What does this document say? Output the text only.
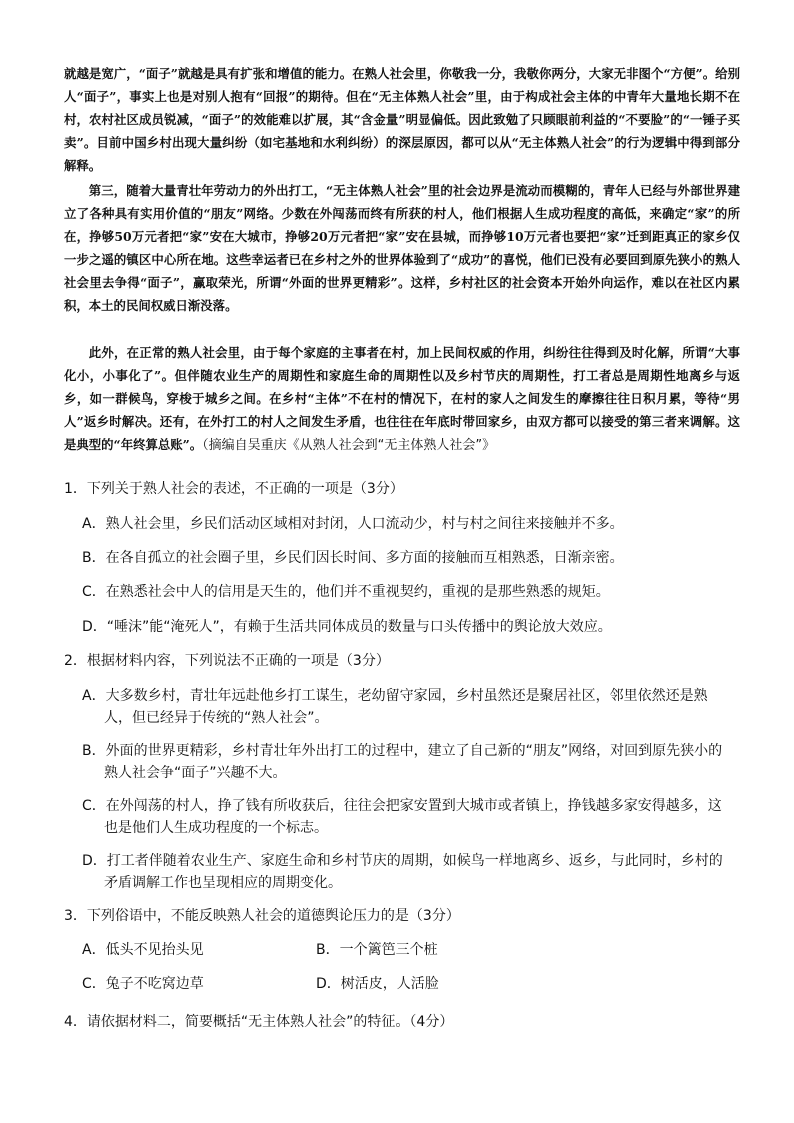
就越是宽广，“面子”就越是具有扩张和增值的能力。在熟人社会里，你敬我一分，我敬你两分，大家无非图个“方便”。给别人“面子”，事实上也是对别人抱有“回报”的期待。但在“无主体熟人社会”里，由于构成社会主体的中青年大量地长期不在村，农村社区成员锐减，“面子”的效能难以扩展，其“含金量”明显偏低。因此致勉了只顾眼前利益的“不要脸”的“一锤子买卖”。目前中国乡村出现大量纠纷（如宅基地和水利纠纷）的深层原因，都可以从“无主体熟人社会”的行为逻辑中得到部分解释。
第三，随着大量青壮年劳动力的外出打工，“无主体熟人社会”里的社会边界是流动而模糊的，青年人已经与外部世界建立了各种具有实用价值的“朋友”网络。少数在外闯荡而终有所获的村人，他们根据人生成功程度的高低，来确定“家”的所在，挣够50万元者把“家”安在大城市，挣够20万元者把“家”安在县城，而挣够10万元者也要把“家”迁到距真正的家乡仅一步之遥的镇区中心所在地。这些幸运者已在乡村之外的世界体验到了“成功”的喜悦，他们已没有必要回到原先狭小的熟人社会里去争得“面子”，赢取荣光，所谓“外面的世界更精彩”。这样，乡村社区的社会资本开始外向运作，难以在社区内累积，本土的民间权威日渐没落。
此外，在正常的熟人社会里，由于每个家庭的主事者在村，加上民间权威的作用，纠纷往往得到及时化解，所谓“大事化小，小事化了”。但伴随农业生产的周期性和家庭生命的周期性以及乡村节庆的周期性，打工者总是周期性地离乡与返乡，如一群候鸟，穿梭于城乡之间。在乡村“主体”不在村的情况下，在村的家人之间发生的摩擦往往日积月累，等待“男人”返乡时解决。还有，在外打工的村人之间发生矛盾，也往往在年底时带回家乡，由双方都可以接受的第三者来调解。这是典型的“年终算总账”。（摘编自吴重庆《从熟人社会到“无主体熟人社会”》
1．下列关于熟人社会的表述，不正确的一项是（3分）
A．熟人社会里，乡民们活动区域相对封闭，人口流动少，村与村之间往来接触并不多。
B．在各自孤立的社会圈子里，乡民们因长时间、多方面的接触而互相熟悉，日渐亲密。
C．在熟悉社会中人的信用是天生的，他们并不重视契约，重视的是那些熟悉的规矩。
D．“唾沫”能“淹死人”，有赖于生活共同体成员的数量与口头传播中的舆论放大效应。
2．根据材料内容，下列说法不正确的一项是（3分）
A．大多数乡村，青壮年远赴他乡打工谋生，老幼留守家园，乡村虽然还是聚居社区，邻里依然还是熟人，但已经异于传统的“熟人社会”。
B．外面的世界更精彩，乡村青壮年外出打工的过程中，建立了自己新的“朋友”网络，对回到原先狭小的熟人社会争“面子”兴趣不大。
C．在外闯荡的村人，挣了钱有所收获后，往往会把家安置到大城市或者镇上，挣钱越多家安得越多，这也是他们人生成功程度的一个标志。
D．打工者伴随着农业生产、家庭生命和乡村节庆的周期，如候鸟一样地离乡、返乡，与此同时，乡村的矛盾调解工作也呈现相应的周期变化。
3．下列俗语中，不能反映熟人社会的道德舆论压力的是（3分）
A．低头不见抬头见	B．一个篱笆三个桩
C．兔子不吃窝边草	D．树活皮，人活脸
4．请依据材料二，简要概括“无主体熟人社会”的特征。（4分）
